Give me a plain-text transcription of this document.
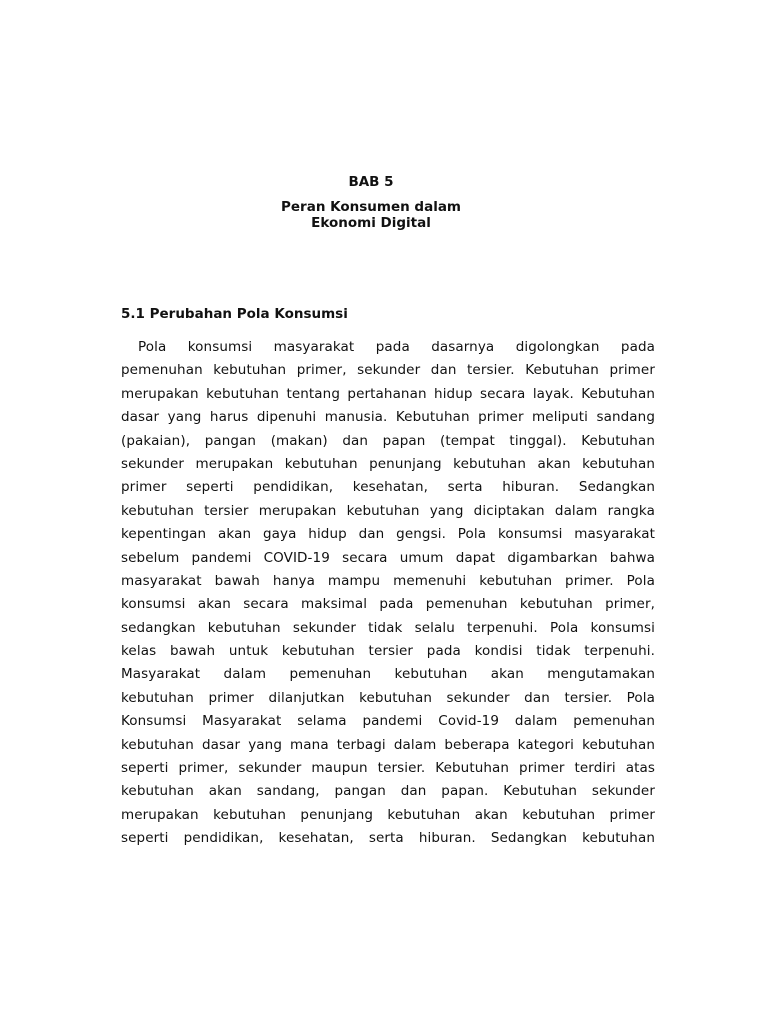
BAB 5
Peran Konsumen dalam
Ekonomi Digital
5.1 Perubahan Pola Konsumsi
Pola konsumsi masyarakat pada dasarnya digolongkan pada
pemenuhan kebutuhan primer, sekunder dan tersier. Kebutuhan primer
merupakan kebutuhan tentang pertahanan hidup secara layak. Kebutuhan
dasar yang harus dipenuhi manusia. Kebutuhan primer meliputi sandang
(pakaian), pangan (makan) dan papan (tempat tinggal). Kebutuhan
sekunder merupakan kebutuhan penunjang kebutuhan akan kebutuhan
primer seperti pendidikan, kesehatan, serta hiburan. Sedangkan
kebutuhan tersier merupakan kebutuhan yang diciptakan dalam rangka
kepentingan akan gaya hidup dan gengsi. Pola konsumsi masyarakat
sebelum pandemi COVID-19 secara umum dapat digambarkan bahwa
masyarakat bawah hanya mampu memenuhi kebutuhan primer. Pola
konsumsi akan secara maksimal pada pemenuhan kebutuhan primer,
sedangkan kebutuhan sekunder tidak selalu terpenuhi. Pola konsumsi
kelas bawah untuk kebutuhan tersier pada kondisi tidak terpenuhi.
Masyarakat dalam pemenuhan kebutuhan akan mengutamakan
kebutuhan primer dilanjutkan kebutuhan sekunder dan tersier. Pola
Konsumsi Masyarakat selama pandemi Covid-19 dalam pemenuhan
kebutuhan dasar yang mana terbagi dalam beberapa kategori kebutuhan
seperti primer, sekunder maupun tersier. Kebutuhan primer terdiri atas
kebutuhan akan sandang, pangan dan papan. Kebutuhan sekunder
merupakan kebutuhan penunjang kebutuhan akan kebutuhan primer
seperti pendidikan, kesehatan, serta hiburan. Sedangkan kebutuhan
